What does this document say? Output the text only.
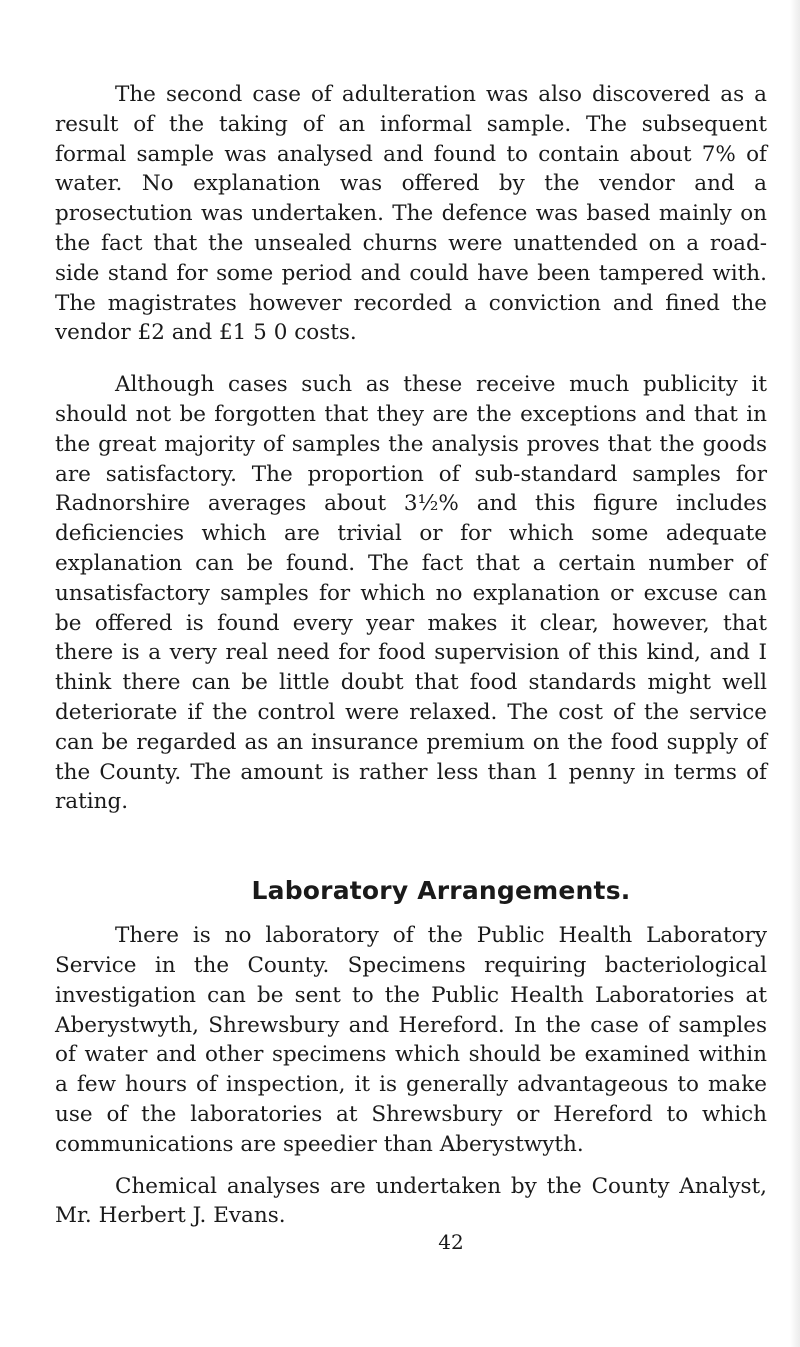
The second case of adulteration was also discovered as a result of the taking of an informal sample. The subsequent formal sample was analysed and found to contain about 7% of water. No explanation was offered by the vendor and a prosectution was undertaken. The defence was based mainly on the fact that the unsealed churns were unattended on a road-side stand for some period and could have been tampered with. The magistrates however recorded a conviction and fined the vendor £2 and £1 5 0 costs.

Although cases such as these receive much publicity it should not be forgotten that they are the exceptions and that in the great majority of samples the analysis proves that the goods are satisfactory. The proportion of sub-standard samples for Radnorshire averages about 3½% and this figure includes deficiencies which are trivial or for which some adequate explanation can be found. The fact that a certain number of unsatisfactory samples for which no explanation or excuse can be offered is found every year makes it clear, however, that there is a very real need for food supervision of this kind, and I think there can be little doubt that food standards might well deteriorate if the control were relaxed. The cost of the service can be regarded as an insurance premium on the food supply of the County. The amount is rather less than 1 penny in terms of rating.

Laboratory Arrangements.

There is no laboratory of the Public Health Laboratory Service in the County. Specimens requiring bacteriological investigation can be sent to the Public Health Laboratories at Aberystwyth, Shrewsbury and Hereford. In the case of samples of water and other specimens which should be examined within a few hours of inspection, it is generally advantageous to make use of the laboratories at Shrewsbury or Hereford to which communications are speedier than Aberystwyth.

Chemical analyses are undertaken by the County Analyst, Mr. Herbert J. Evans.

42
